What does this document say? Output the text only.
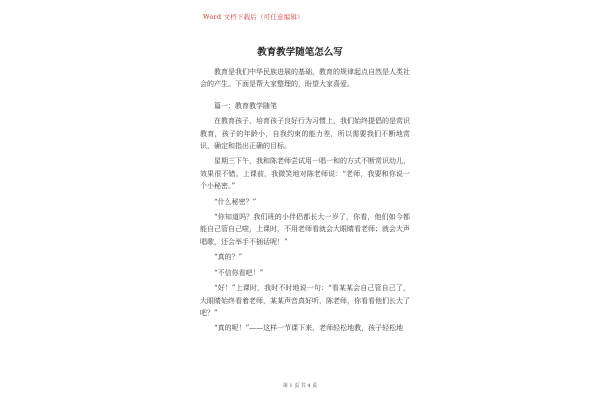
Word 文档下载后（可任意编辑）
教育教学随笔怎么写

教育是我们中华民族进展的基础，教育的规律起点自然是人类社会的产生。下面是帮大家整理的，盼望大家喜爱。

篇一：教育教学随笔

在教育孩子、培育孩子良好行为习惯上，我们始终提倡的是赏识教育，孩子的年龄小，自我约束的能力差，所以需要我们不断地赏识，确定和指出正确的目标。

星期三下午，我和陈老师尝试用一唱一和的方式不断赏识幼儿，效果很不错。上课前，我微笑地对陈老师说：“老师，我要和你说一个小秘密。”

“什么秘密？”

“你知道吗？我们班的小伴侣都长大一岁了，你看，他们如今都能自己管自己啦，上课时，不用老师看就会大眼睛看老师；就会大声唱歌，还会举手不插话呢！”

“真的？”

“不信你看吧！”

“好！”上课时，我时不时地说一句：“看某某会自己管自己了，大眼睛始终看着老师，某某声音真好听，陈老师，你看看他们长大了吧？”

“真的呢！”——这样一节课下来，老师轻松地教，孩子轻松地

第 1 页 共 4 页
